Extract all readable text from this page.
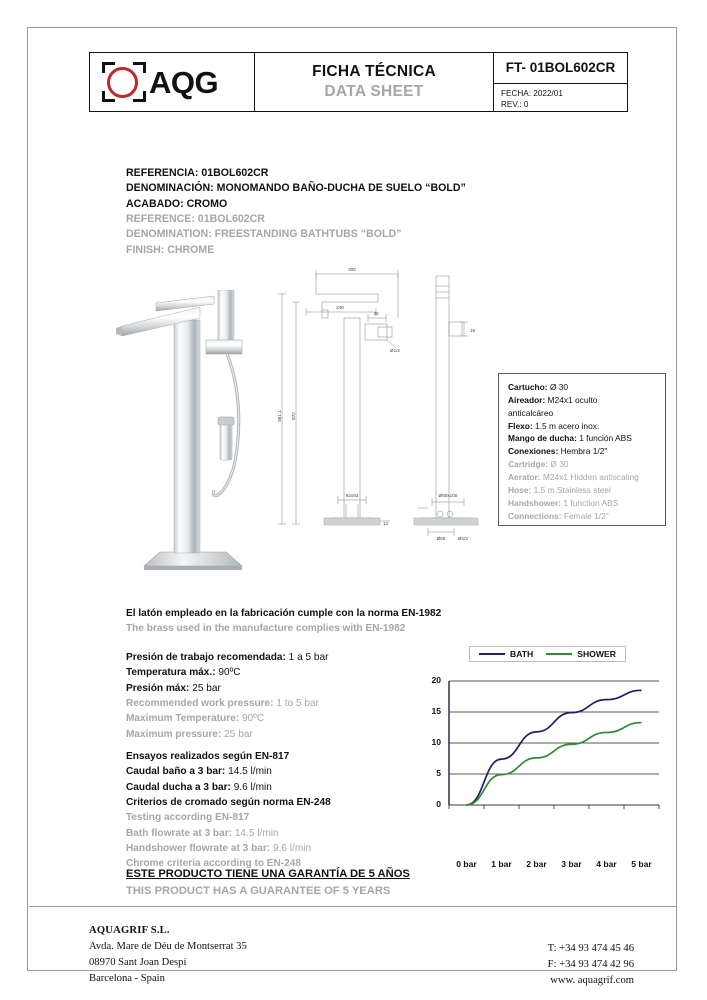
AQG	FICHA TÉCNICA
DATA SHEET
FT- 01BOL602CR
FECHA: 2022/01
REV.: 0
REFERENCIA: 01BOL602CR
DENOMINACIÓN: MONOMANDO BAÑO-DUCHA DE SUELO “BOLD”
ACABADO: CROMO
REFERENCE: 01BOL602CR
DENOMINATION: FREESTANDING BATHTUBS “BOLD”
FINISH: CHROME
300
240
30
Ø1/2
18
92x92	Ø60x100
Ø55	Ø1/2
14
861.1 872
Cartucho: Ø 30
Aireador: M24x1 oculto
anticalcáreo
Flexo: 1.5 m acero inox.
Mango de ducha: 1 función ABS
Conexiones: Hembra 1/2"
Cartridge: Ø 30
Aerator: M24x1 Hidden antiscaling
Hose: 1.5 m Stainless steel
Handshower: 1 function ABS
Connections: Female 1/2"
El latón empleado en la fabricación cumple con la norma EN-1982
The brass used in the manufacture complies with EN-1982
Presión de trabajo recomendada: 1 a 5 bar
Temperatura máx.: 90ºC
Presión máx: 25 bar
Recommended work pressure: 1 to 5 bar
Maximum Temperature: 90ºC
Maximum pressure: 25 bar
Ensayos realizados según EN-817
Caudal baño a 3 bar: 14.5 l/min
Caudal ducha a 3 bar: 9.6 l/min
Criterios de cromado según norma EN-248
Testing according EN-817
Bath flowrate at 3 bar: 14.5 l/min
Handshower flowrate at 3 bar: 9.6 l/min
Chrome criteria according to EN-248
ESTE PRODUCTO TIENE UNA GARANTÍA DE 5 AÑOS
THIS PRODUCT HAS A GUARANTEE OF 5 YEARS
BATH	SHOWER
0
5
10
15
20
0 bar	1 bar	2 bar	3 bar	4 bar	5 bar
AQUAGRIF S.L.
Avda. Mare de Déu de Montserrat 35
08970 Sant Joan Despí
Barcelona - Spain
T: +34 93 474 45 46
F: +34 93 474 42 96
www. aquagrif.com
